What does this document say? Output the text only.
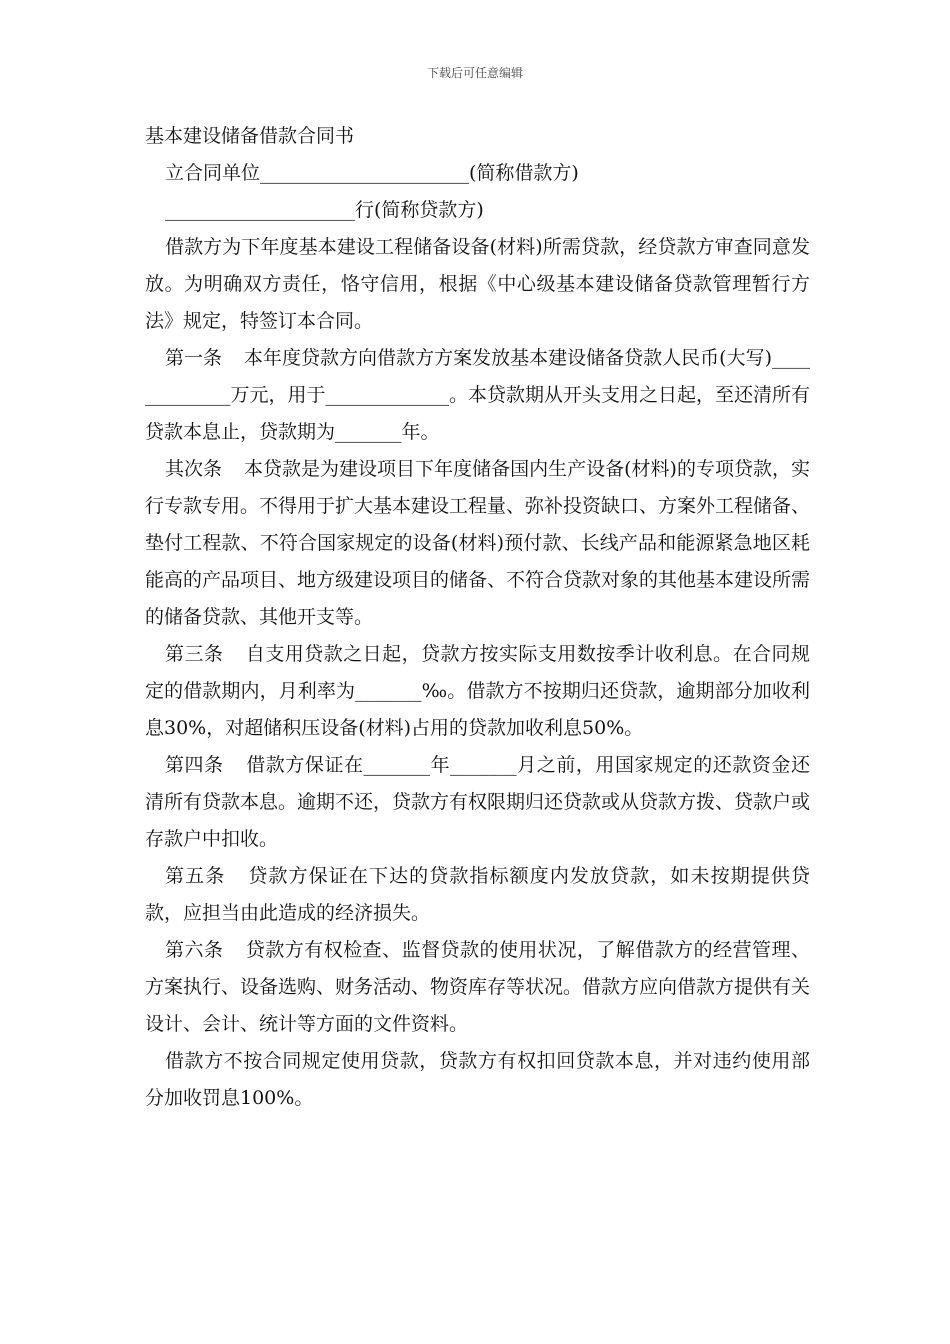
下载后可任意编辑

基本建设储备借款合同书

立合同单位______________________(简称借款方)

____________________行(简称贷款方)

借款方为下年度基本建设工程储备设备(材料)所需贷款，经贷款方审查同意发放。为明确双方责任，恪守信用，根据《中心级基本建设储备贷款管理暂行方法》规定，特签订本合同。

第一条 本年度贷款方向借款方方案发放基本建设储备贷款人民币(大写)_____________万元，用于_____________。本贷款期从开头支用之日起，至还清所有贷款本息止，贷款期为_______年。

其次条 本贷款是为建设项目下年度储备国内生产设备(材料)的专项贷款，实行专款专用。不得用于扩大基本建设工程量、弥补投资缺口、方案外工程储备、垫付工程款、不符合国家规定的设备(材料)预付款、长线产品和能源紧急地区耗能高的产品项目、地方级建设项目的储备、不符合贷款对象的其他基本建设所需的储备贷款、其他开支等。

第三条 自支用贷款之日起，贷款方按实际支用数按季计收利息。在合同规定的借款期内，月利率为_______‰。借款方不按期归还贷款，逾期部分加收利息30%，对超储积压设备(材料)占用的贷款加收利息50%。

第四条 借款方保证在_______年_______月之前，用国家规定的还款资金还清所有贷款本息。逾期不还，贷款方有权限期归还贷款或从贷款方拨、贷款户或存款户中扣收。

第五条 贷款方保证在下达的贷款指标额度内发放贷款，如未按期提供贷款，应担当由此造成的经济损失。

第六条 贷款方有权检查、监督贷款的使用状况，了解借款方的经营管理、方案执行、设备选购、财务活动、物资库存等状况。借款方应向借款方提供有关设计、会计、统计等方面的文件资料。

借款方不按合同规定使用贷款，贷款方有权扣回贷款本息，并对违约使用部分加收罚息100%。
